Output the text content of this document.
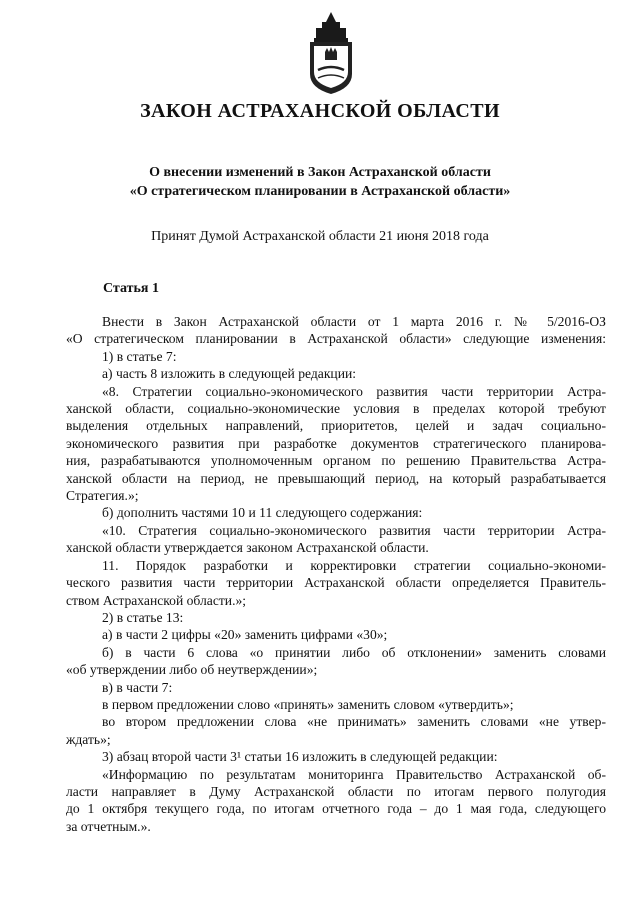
ЗАКОН АСТРАХАНСКОЙ ОБЛАСТИ
О внесении изменений в Закон Астраханской области
«О стратегическом планировании в Астраханской области»
Принят Думой Астраханской области 21 июня 2018 года
Статья 1

Внести в Закон Астраханской области от 1 марта 2016 г. № 5/2016-ОЗ

«О стратегическом планировании в Астраханской области» следующие изменения:

1) в статье 7:

а) часть 8 изложить в следующей редакции:

«8. Стратегии социально-экономического развития части территории Астра-

ханской области, социально-экономические условия в пределах которой требуют

выделения отдельных направлений, приоритетов, целей и задач социально-

экономического развития при разработке документов стратегического планирова-

ния, разрабатываются уполномоченным органом по решению Правительства Астра-

ханской области на период, не превышающий период, на который разрабатывается

Стратегия.»;

б) дополнить частями 10 и 11 следующего содержания:

«10. Стратегия социально-экономического развития части территории Астра-

ханской области утверждается законом Астраханской области.

11. Порядок разработки и корректировки стратегии социально-экономи-

ческого развития части территории Астраханской области определяется Правитель-

ством Астраханской области.»;

2) в статье 13:

а) в части 2 цифры «20» заменить цифрами «30»;

б) в части 6 слова «о принятии либо об отклонении» заменить словами

«об утверждении либо об неутверждении»;

в) в части 7:

в первом предложении слово «принять» заменить словом «утвердить»;

во втором предложении слова «не принимать» заменить словами «не утвер-

ждать»;

3) абзац второй части 3¹ статьи 16 изложить в следующей редакции:

«Информацию по результатам мониторинга Правительство Астраханской об-

ласти направляет в Думу Астраханской области по итогам первого полугодия

до 1 октября текущего года, по итогам отчетного года – до 1 мая года, следующего

за отчетным.».
